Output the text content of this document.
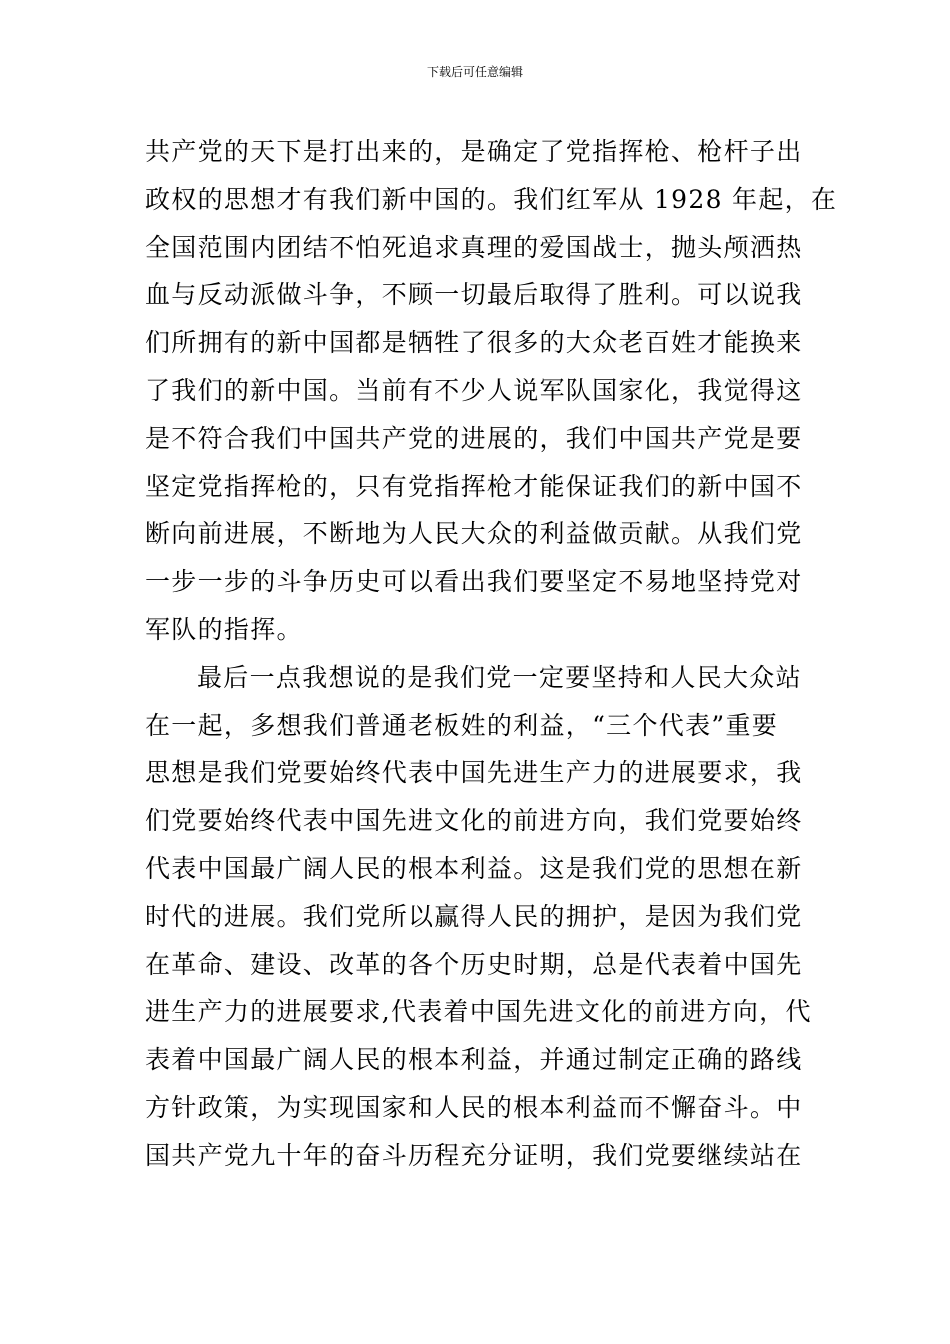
下载后可任意编辑
共产党的天下是打出来的，是确定了党指挥枪、枪杆子出
政权的思想才有我们新中国的。我们红军从 1928 年起，在
全国范围内团结不怕死追求真理的爱国战士，抛头颅洒热
血与反动派做斗争，不顾一切最后取得了胜利。可以说我
们所拥有的新中国都是牺牲了很多的大众老百姓才能换来
了我们的新中国。当前有不少人说军队国家化，我觉得这
是不符合我们中国共产党的进展的，我们中国共产党是要
坚定党指挥枪的，只有党指挥枪才能保证我们的新中国不
断向前进展，不断地为人民大众的利益做贡献。从我们党
一步一步的斗争历史可以看出我们要坚定不易地坚持党对
军队的指挥。
最后一点我想说的是我们党一定要坚持和人民大众站
在一起，多想我们普通老板姓的利益，“三个代表”重要
思想是我们党要始终代表中国先进生产力的进展要求，我
们党要始终代表中国先进文化的前进方向，我们党要始终
代表中国最广阔人民的根本利益。这是我们党的思想在新
时代的进展。我们党所以赢得人民的拥护，是因为我们党
在革命、建设、改革的各个历史时期，总是代表着中国先
进生产力的进展要求,代表着中国先进文化的前进方向，代
表着中国最广阔人民的根本利益，并通过制定正确的路线
方针政策，为实现国家和人民的根本利益而不懈奋斗。中
国共产党九十年的奋斗历程充分证明，我们党要继续站在
